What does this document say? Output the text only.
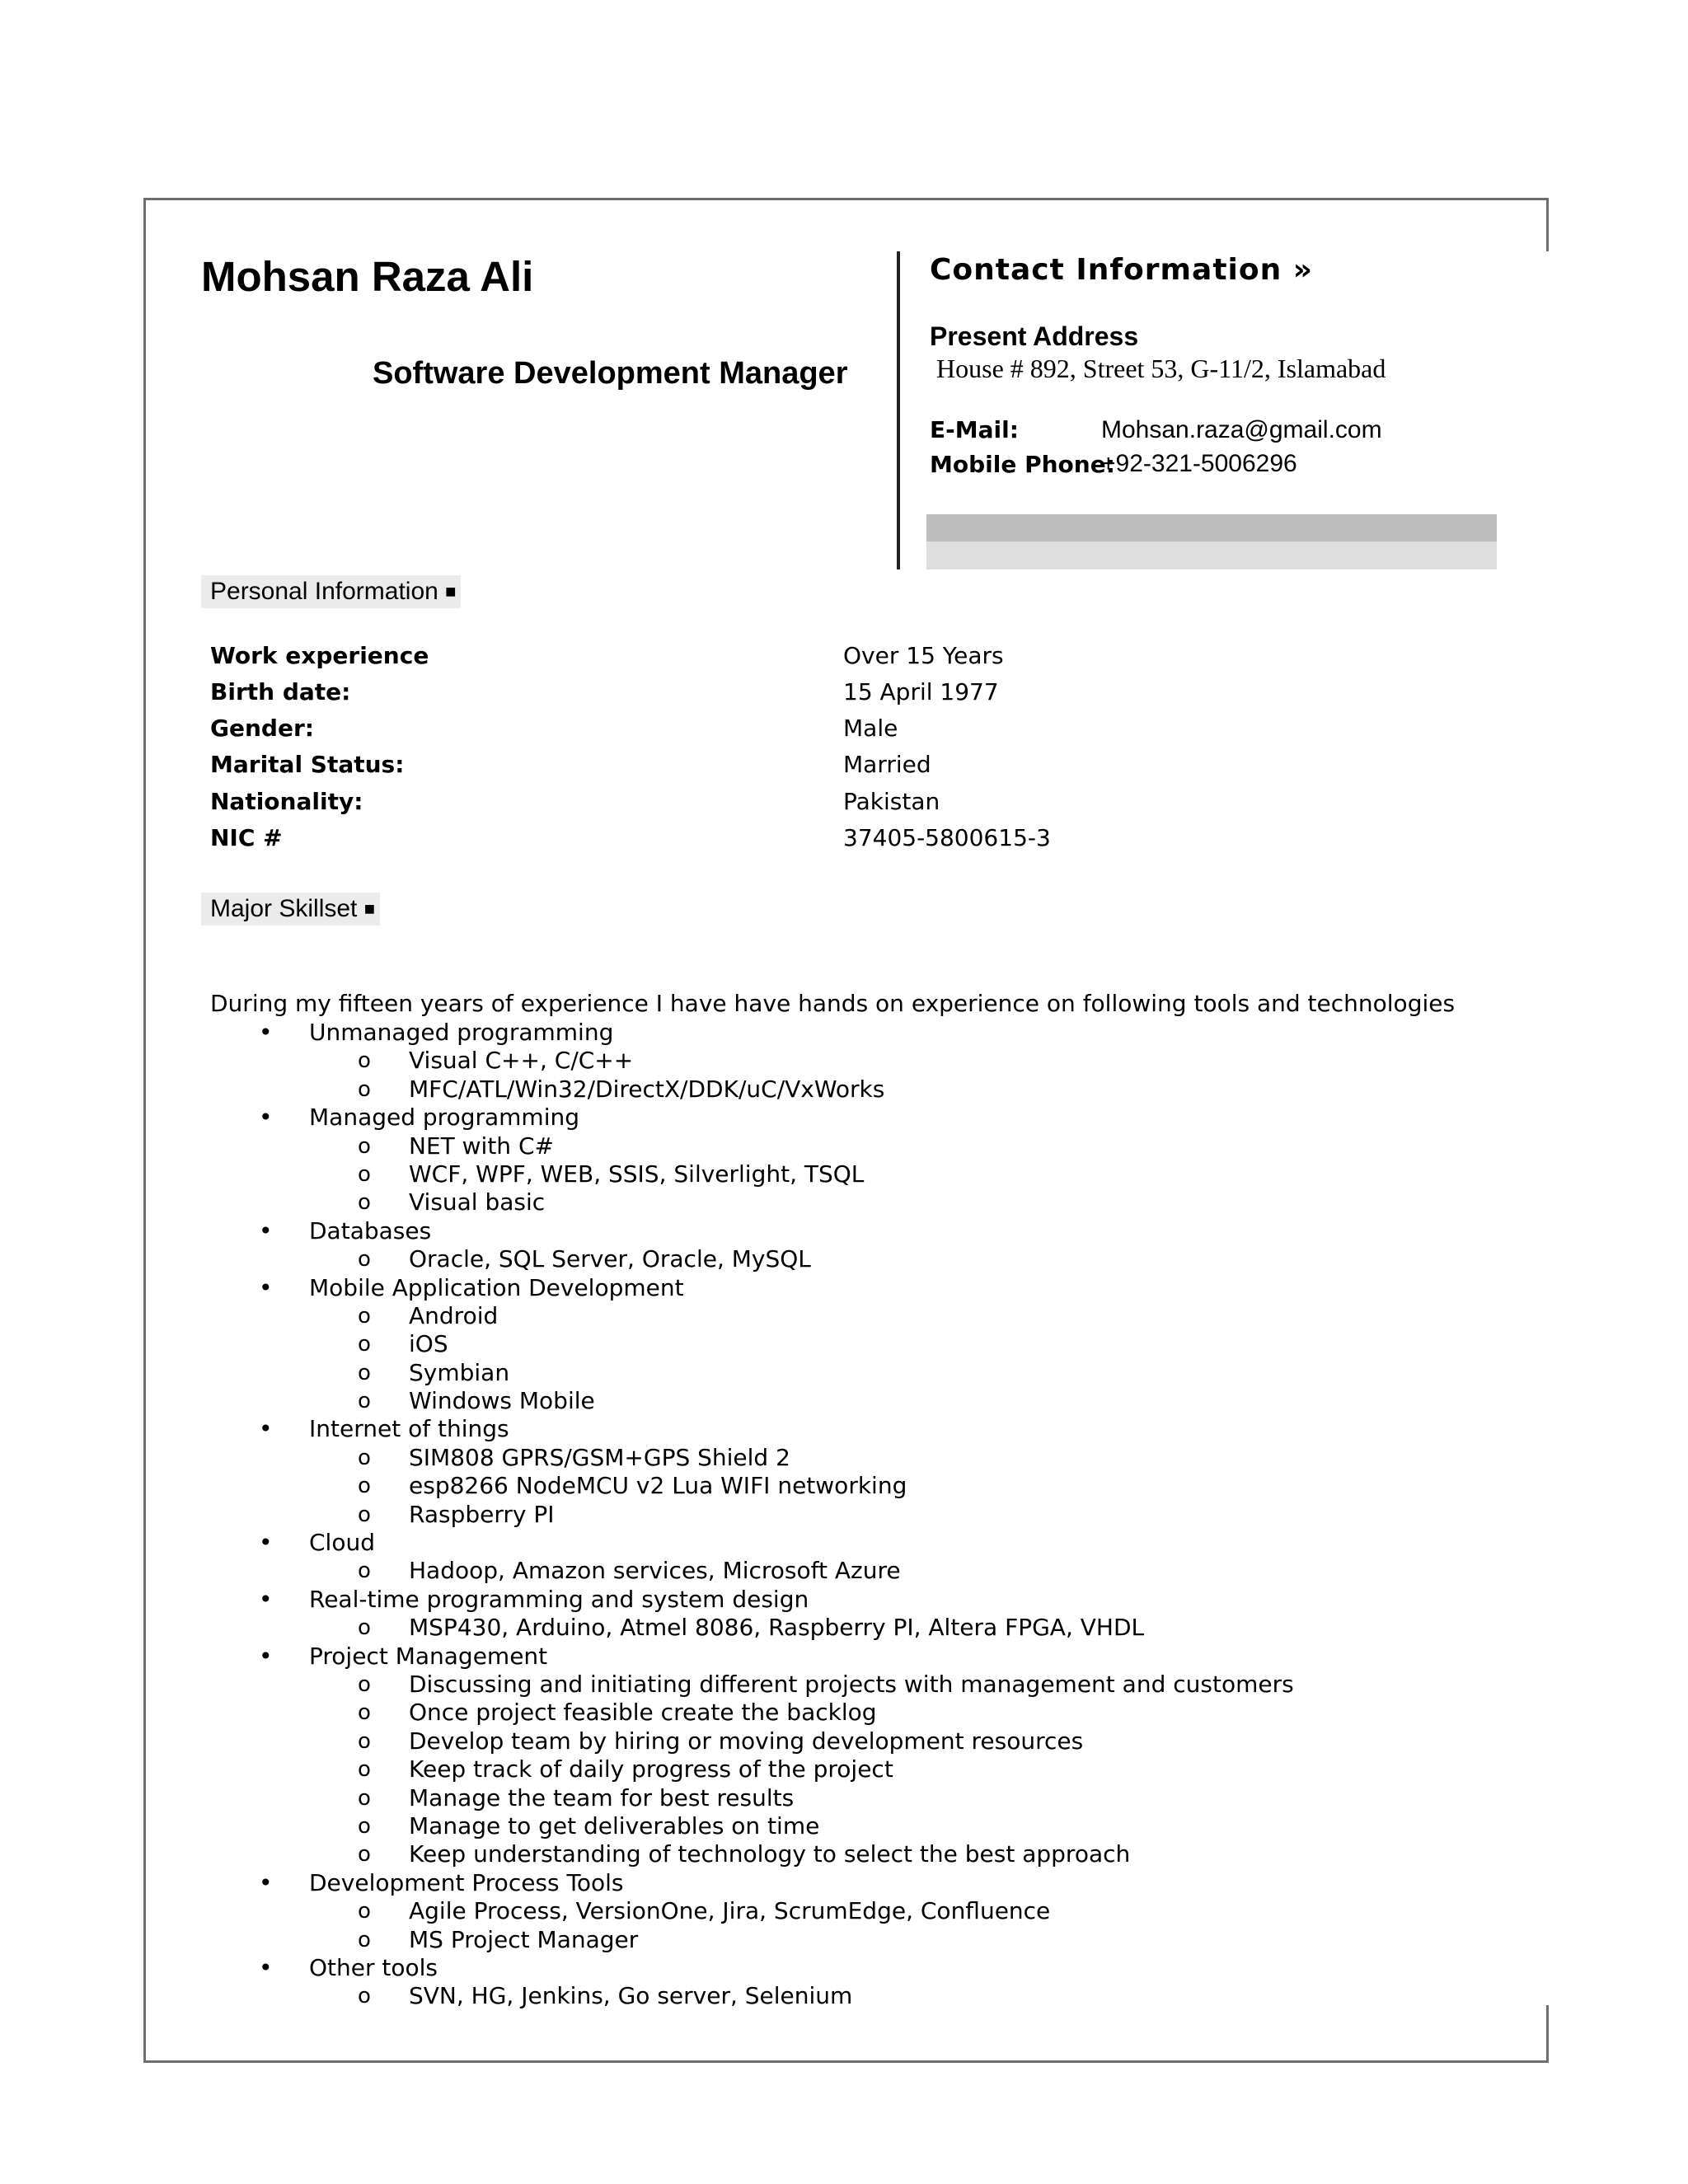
Mohsan Raza Ali
Software Development Manager
Contact Information »
Present Address
House # 892, Street 53, G-11/2, Islamabad
E-Mail:	Mohsan.raza@gmail.com
Mobile Phone:
+92-321-5006296
Personal Information ■
Work experience	Over 15 Years
Birth date:	15 April 1977
Gender:	Male
Marital Status:	Married
Nationality:	Pakistan
NIC #	37405-5800615-3
Major Skillset ■
During my fifteen years of experience I have have hands on experience on following tools and technologies
• Unmanaged programming
o Visual C++, C/C++
o MFC/ATL/Win32/DirectX/DDK/uC/VxWorks
• Managed programming
o NET with C#
o WCF, WPF, WEB, SSIS, Silverlight, TSQL
o Visual basic
• Databases
o Oracle, SQL Server, Oracle, MySQL
• Mobile Application Development
o Android
o iOS
o Symbian
o Windows Mobile
• Internet of things
o SIM808 GPRS/GSM+GPS Shield 2
o esp8266 NodeMCU v2 Lua WIFI networking
o Raspberry PI
• Cloud
o Hadoop, Amazon services, Microsoft Azure
• Real-time programming and system design
o MSP430, Arduino, Atmel 8086, Raspberry PI, Altera FPGA, VHDL
• Project Management
o Discussing and initiating different projects with management and customers
o Once project feasible create the backlog
o Develop team by hiring or moving development resources
o Keep track of daily progress of the project
o Manage the team for best results
o Manage to get deliverables on time
o Keep understanding of technology to select the best approach
• Development Process Tools
o Agile Process, VersionOne, Jira, ScrumEdge, Confluence
o MS Project Manager
• Other tools
o SVN, HG, Jenkins, Go server, Selenium
